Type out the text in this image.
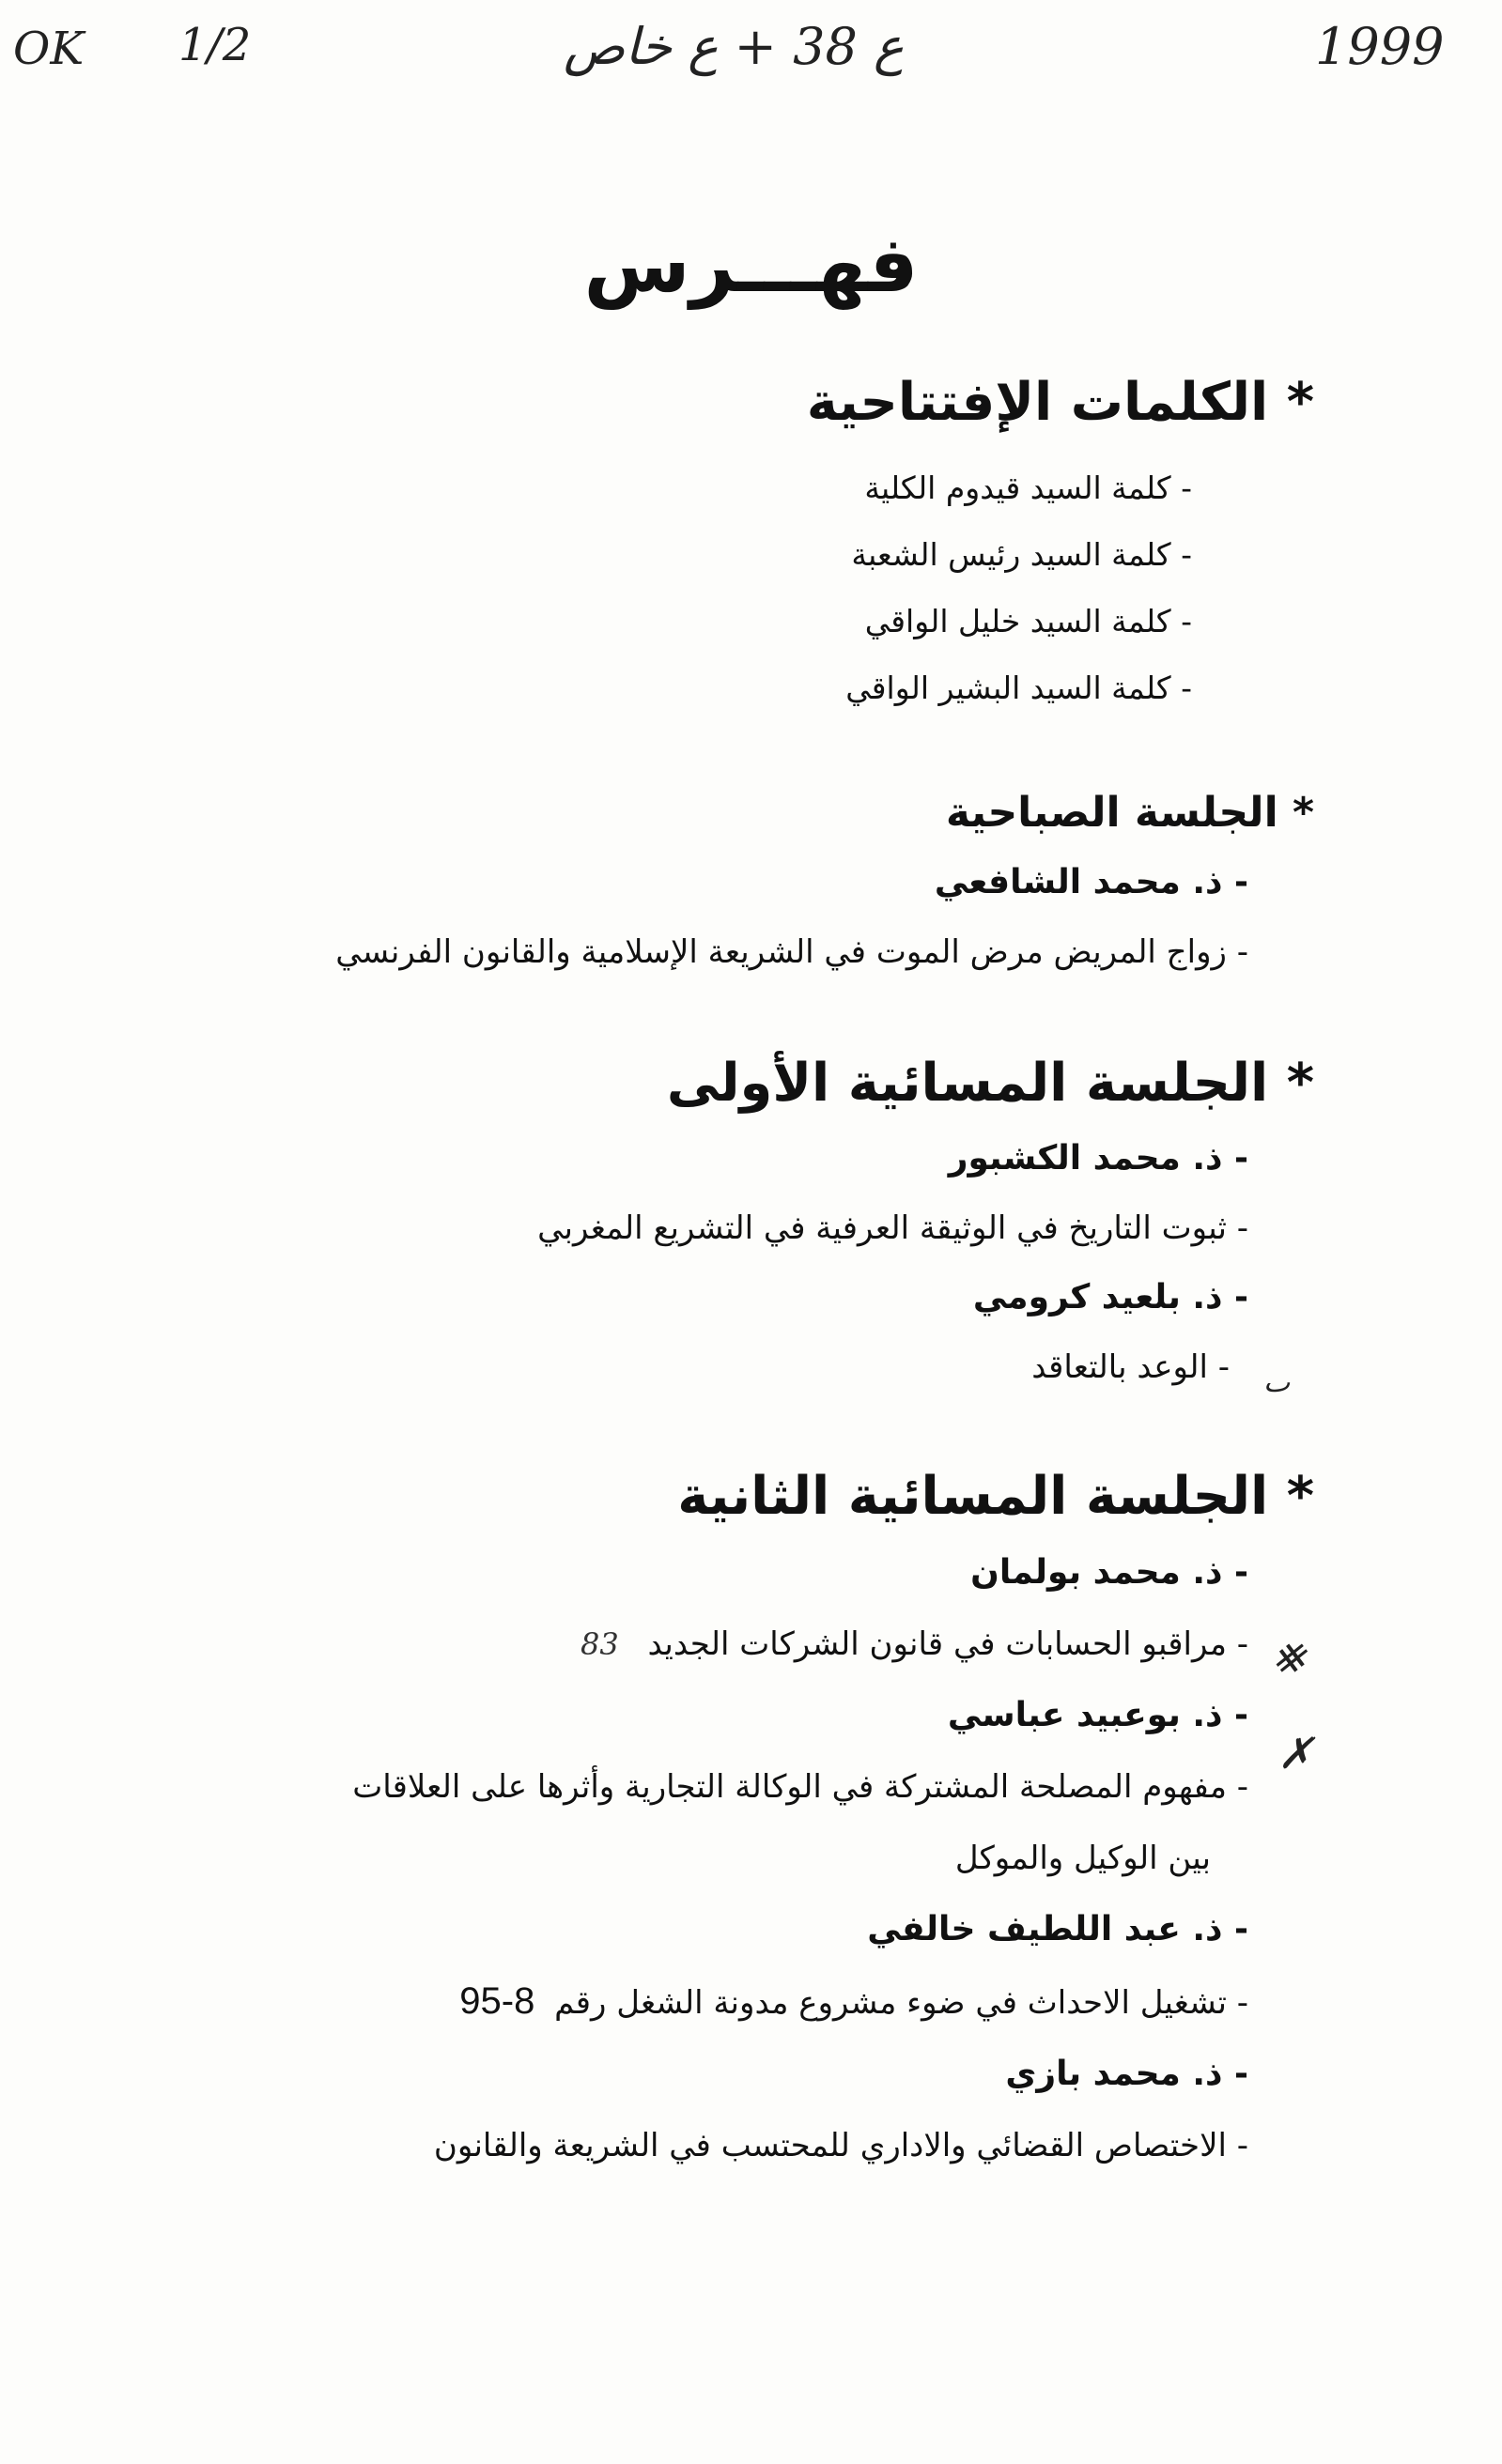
OK 1/2	ع 38 + ع خاص	1999
فهـــرس

* الكلمات الإفتتاحية

- كلمة السيد قيدوم الكلية

- كلمة السيد رئيس الشعبة

- كلمة السيد خليل الواقي

- كلمة السيد البشير الواقي

* الجلسة الصباحية

- ذ. محمد الشافعي

- زواج المريض مرض الموت في الشريعة الإسلامية والقانون الفرنسي

* الجلسة المسائية الأولى

- ذ. محمد الكشبور

- ثبوت التاريخ في الوثيقة العرفية في التشريع المغربي

- ذ. بلعيد كرومي

- الوعد بالتعاقد

* الجلسة المسائية الثانية

- ذ. محمد بولمان

- مراقبو الحسابات في قانون الشركات الجديد 83

- ذ. بوعبيد عباسي

- مفهوم المصلحة المشتركة في الوكالة التجارية وأثرها على العلاقات

بين الوكيل والموكل

- ذ. عبد اللطيف خالفي

- تشغيل الاحداث في ضوء مشروع مدونة الشغل رقم 95-8

- ذ. محمد بازي

- الاختصاص القضائي والاداري للمحتسب في الشريعة والقانون

ٮ
⨳
✗
